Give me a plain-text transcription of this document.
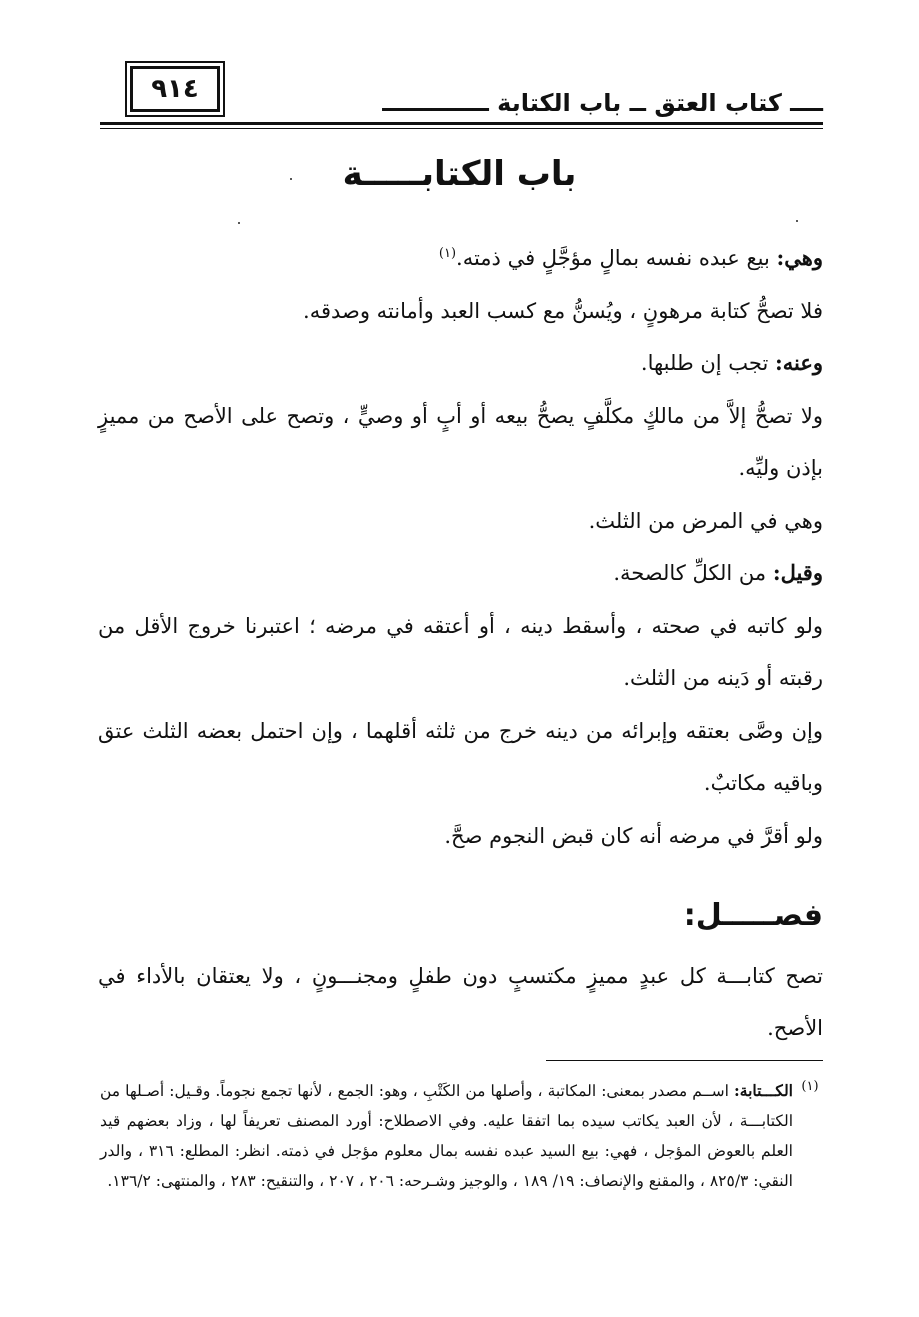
٩١٤	ــــ كتاب العتق ــ باب الكتابة ـــــــــــــ
باب الكتابـــــة

وهي: بيع عبده نفسه بمالٍ مؤجَّلٍ في ذمته.$^{(١)}$

فلا تصحُّ كتابة مرهونٍ ، ويُسنُّ مع كسب العبد وأمانته وصدقه.

وعنه: تجب إن طلبها.

ولا تصحُّ إلاَّ من مالكٍ مكلَّفٍ يصحُّ بيعه أو أبٍ أو وصيٍّ ، وتصح على الأصح من مميزٍ بإذن وليِّه.

وهي في المرض من الثلث.

وقيل: من الكلِّ كالصحة.

ولو كاتبه في صحته ، وأسقط دينه ، أو أعتقه في مرضه ؛ اعتبرنا خروج الأقل من رقبته أو دَينه من الثلث.

وإن وصَّى بعتقه وإبرائه من دينه خرج من ثلثه أقلهما ، وإن احتمل بعضه الثلث عتق وباقيه مكاتبٌ.

ولو أقرَّ في مرضه أنه كان قبض النجوم صحَّ.

فصـــــل:

تصح كتابـــة كل عبدٍ مميزٍ مكتسبٍ دون طفلٍ ومجنـــونٍ ، ولا يعتقان بالأداء في الأصح.

(١)
الكـــتابة: اســم مصدر بمعنى: المكاتبة ، وأصلها من الكَتْبِ ، وهو: الجمع ، لأنها تجمع نجوماً. وقـيل: أصـلها من الكتابـــة ، لأن العبد يكاتب سيده بما اتفقا عليه. وفي الاصطلاح: أورد المصنف تعريفاً لها ، وزاد بعضهم قيد العلم بالعوض المؤجل ، فهي: بيع السيد عبده نفسه بمال معلوم مؤجل في ذمته. انظر: المطلع: ٣١٦ ، والدر النقي: ٨٢٥/٣ ، والمقنع والإنصاف: ١٩/ ١٨٩ ، والوجيز وشـرحه: ٢٠٦ ، ٢٠٧ ، والتنقيح: ٢٨٣ ، والمنتهى: ١٣٦/٢.
